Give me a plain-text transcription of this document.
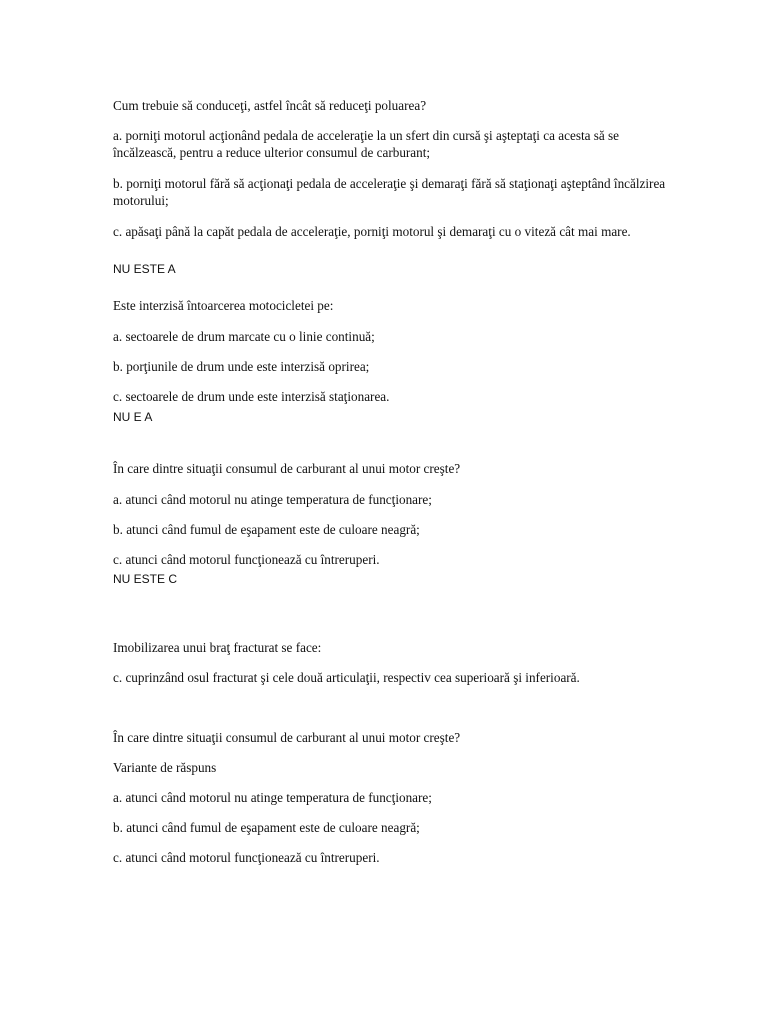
Cum trebuie să conduceţi, astfel încât să reduceţi poluarea?

a. porniţi motorul acţionând pedala de acceleraţie la un sfert din cursă şi aşteptaţi ca acesta să se încălzească, pentru a reduce ulterior consumul de carburant;

b. porniţi motorul fără să acţionaţi pedala de acceleraţie şi demaraţi fără să staţionaţi aşteptând încălzirea motorului;

c. apăsaţi până la capăt pedala de acceleraţie, porniţi motorul şi demaraţi cu o viteză cât mai mare.

NU ESTE A

Este interzisă întoarcerea motocicletei pe:

a. sectoarele de drum marcate cu o linie continuă;

b. porţiunile de drum unde este interzisă oprirea;

c. sectoarele de drum unde este interzisă staţionarea.

NU E A

În care dintre situaţii consumul de carburant al unui motor creşte?

a. atunci când motorul nu atinge temperatura de funcţionare;

b. atunci când fumul de eşapament este de culoare neagră;

c. atunci când motorul funcţionează cu întreruperi.

NU ESTE C

Imobilizarea unui braţ fracturat se face:

c. cuprinzând osul fracturat şi cele două articulaţii, respectiv cea superioară şi inferioară.

În care dintre situaţii consumul de carburant al unui motor creşte?

Variante de răspuns

a. atunci când motorul nu atinge temperatura de funcţionare;

b. atunci când fumul de eşapament este de culoare neagră;

c. atunci când motorul funcţionează cu întreruperi.
